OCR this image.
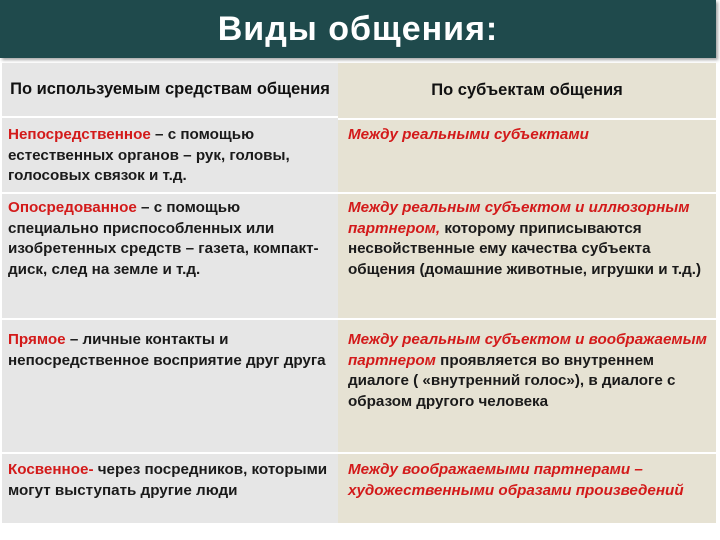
Виды общения:
По используемым средствам общения	По субъектам общения
Непосредственное – с помощью естественных органов – рук, головы, голосовых связок и т.д.
Между реальными субъектами
Опосредованное – с помощью специально приспособленных или изобретенных средств – газета, компакт-диск, след на земле и т.д.
Между реальным субъектом и иллюзорным партнером, которому приписываются несвойственные ему качества субъекта общения (домашние животные, игрушки и т.д.)
Прямое – личные контакты и непосредственное восприятие друг друга
Между реальным субъектом и воображаемым партнером проявляется во внутреннем диалоге ( «внутренний голос»), в диалоге с образом другого человека
Косвенное- через посредников, которыми могут выступать другие люди
Между воображаемыми партнерами – художественными образами произведений
